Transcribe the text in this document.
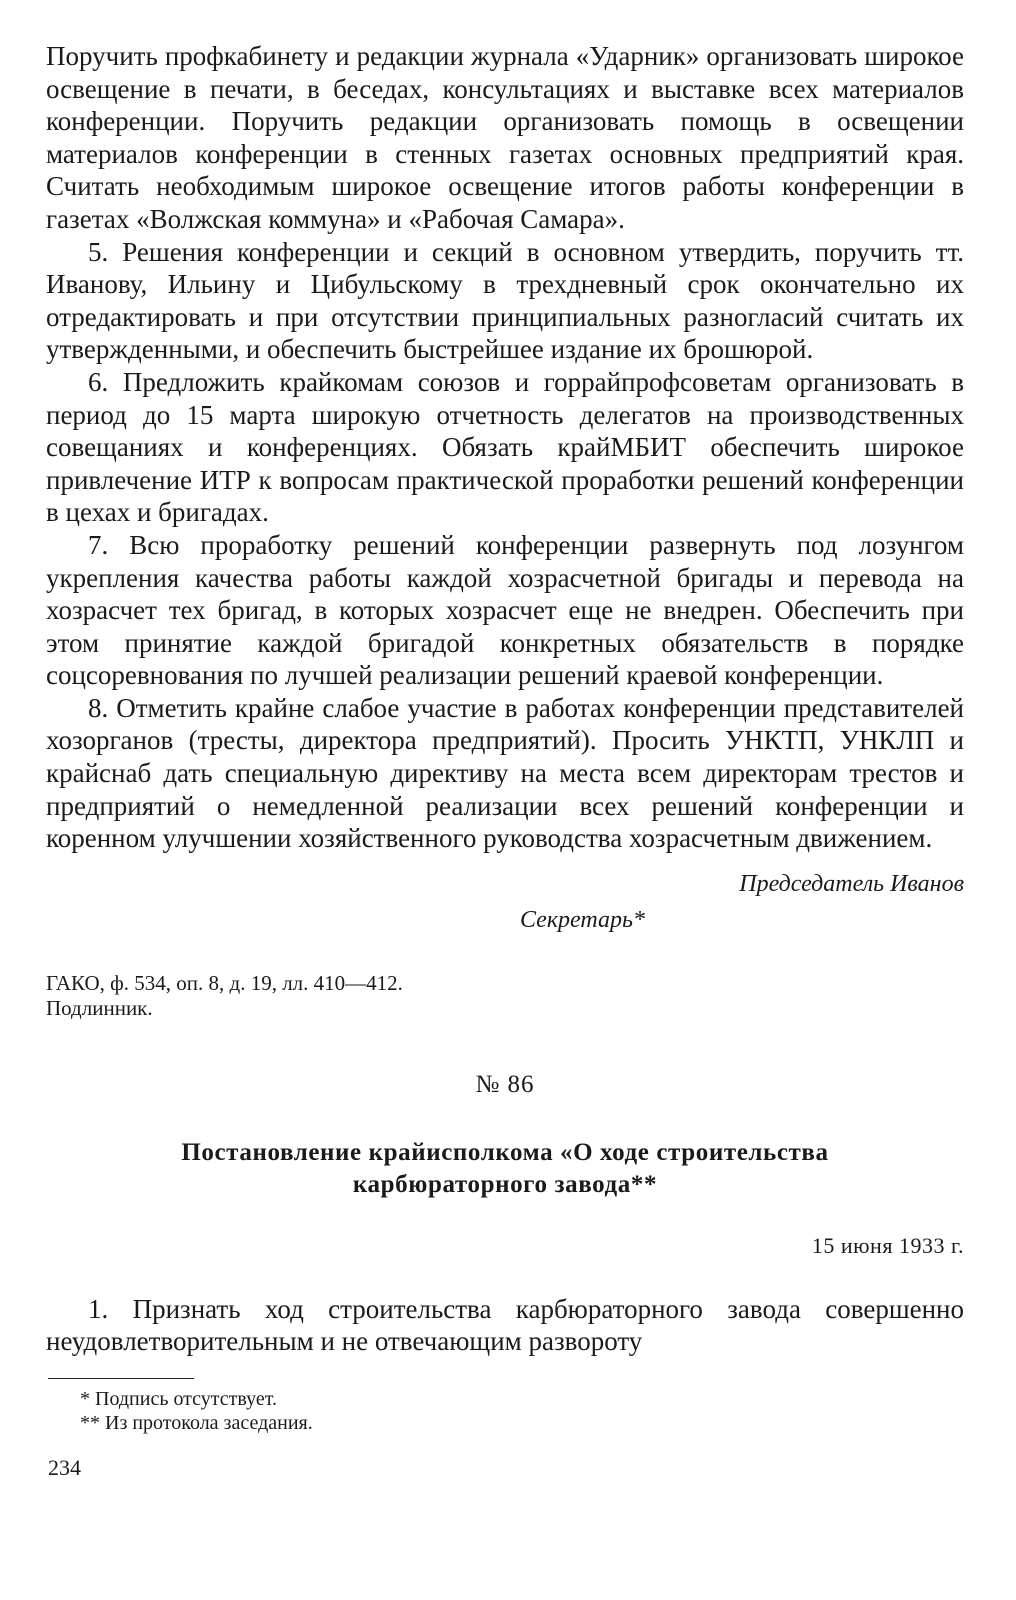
Поручить профкабинету и редакции журнала «Ударник» организовать широкое освещение в печати, в беседах, консультациях и выставке всех материалов конференции. Поручить редакции организовать помощь в освещении материалов конференции в стенных газетах основных предприятий края. Считать необходимым широкое освещение итогов работы конференции в газетах «Волжская коммуна» и «Рабочая Самара».

5. Решения конференции и секций в основном утвердить, поручить тт. Иванову, Ильину и Цибульскому в трехдневный срок окончательно их отредактировать и при отсутствии принципиальных разногласий считать их утвержденными, и обеспечить быстрейшее издание их брошюрой.

6. Предложить крайкомам союзов и горрайпрофсоветам организовать в период до 15 марта широкую отчетность делегатов на производственных совещаниях и конференциях. Обязать крайМБИТ обеспечить широкое привлечение ИТР к вопросам практической проработки решений конференции в цехах и бригадах.

7. Всю проработку решений конференции развернуть под лозунгом укрепления качества работы каждой хозрасчетной бригады и перевода на хозрасчет тех бригад, в которых хозрасчет еще не внедрен. Обеспечить при этом принятие каждой бригадой конкретных обязательств в порядке соцсоревнования по лучшей реализации решений краевой конференции.

8. Отметить крайне слабое участие в работах конференции представителей хозорганов (тресты, директора предприятий). Просить УНКТП, УНКЛП и крайснаб дать специальную директиву на места всем директорам трестов и предприятий о немедленной реализации всех решений конференции и коренном улучшении хозяйственного руководства хозрасчетным движением.

Председатель Иванов
Секретарь*
ГАКО, ф. 534, оп. 8, д. 19, лл. 410—412.
Подлинник.
№ 86
Постановление крайисполкома «О ходе строительства
карбюраторного завода**
15 июня 1933 г.

1. Признать ход строительства карбюраторного завода совершенно неудовлетворительным и не отвечающим развороту

* Подпись отсутствует.
** Из протокола заседания.
234
